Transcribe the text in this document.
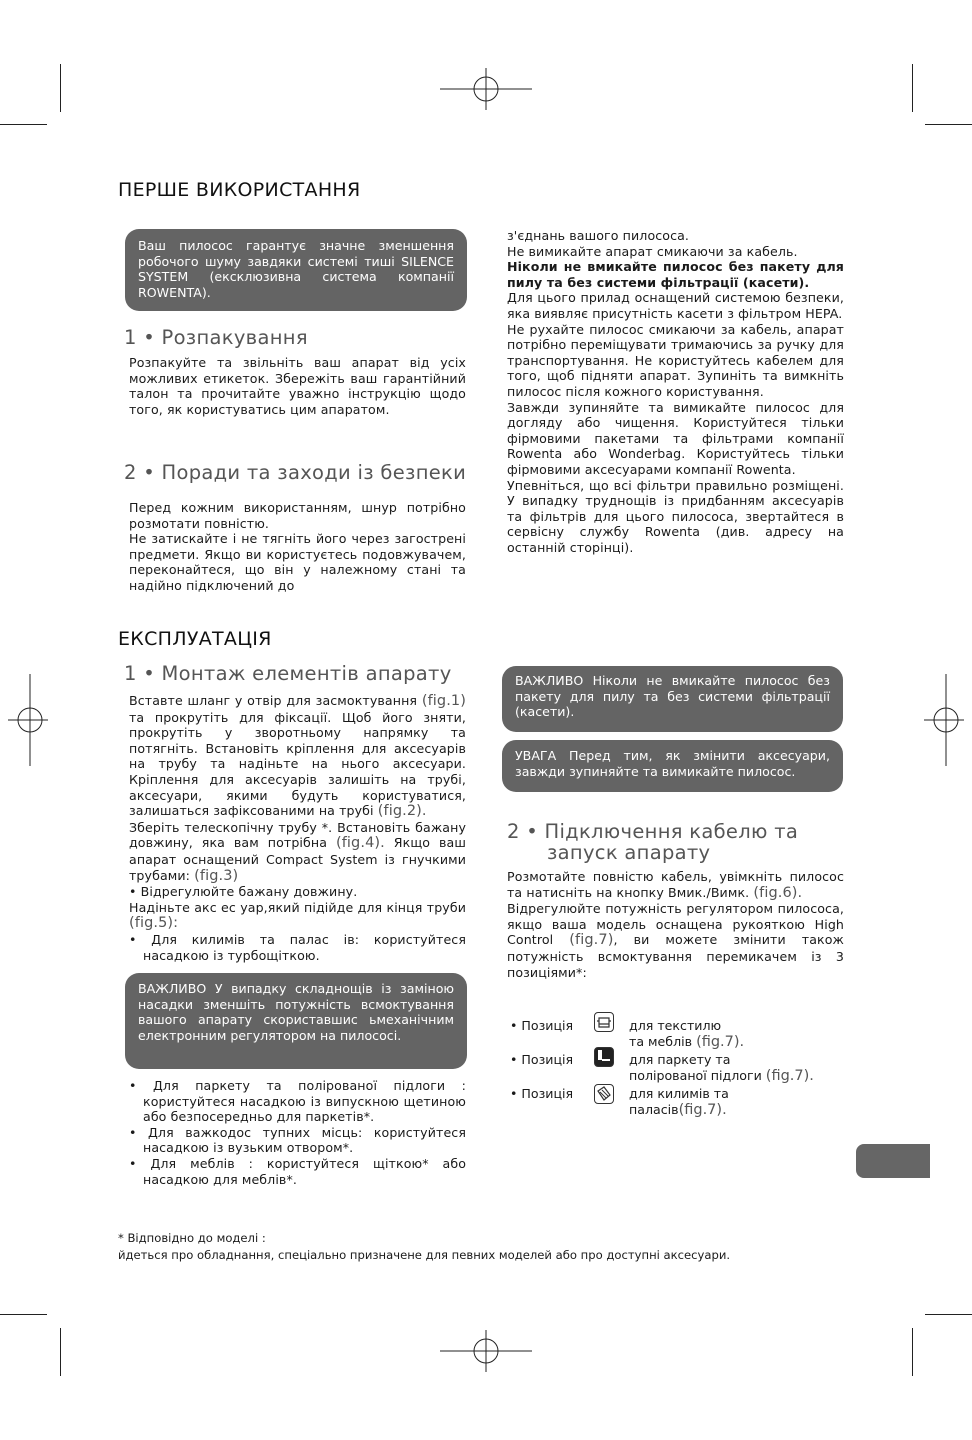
ПЕРШЕ ВИКОРИСТАННЯ
Ваш пилосос гарантує значне зменшення робочого шуму завдяки системі тиші SILENCE SYSTEM (ексклюзивна система компанії ROWENTA).
1 • Розпакування

Розпакуйте та звільніть ваш апарат від усіх можливих етикеток. Збережіть ваш гарантійний талон та прочитайте уважно інструкцію щодо того, як користуватись цим апаратом.

2 • Поради та заходи із безпеки

Перед кожним використанням, шнур потрібно розмотати повністю.

Не затискайте і не тягніть його через загострені предмети. Якщо ви користуєтесь подовжувачем, переконайтеся, що він у належному стані та надійно підключений до

з'єднань вашого пилососа.

Не вимикайте апарат смикаючи за кабель.

Ніколи не вмикайте пилосос без пакету для пилу та без системи фільтрації (касети).

Для цього прилад оснащений системою безпеки, яка виявляє присутність касети з фільтром HEPA.

Не рухайте пилосос смикаючи за кабель, апарат потрібно переміщувати тримаючись за ручку для транспортування. Не користуйтесь кабелем для того, щоб підняти апарат. Зупиніть та вимкніть пилосос після кожного користування.

Завжди зупиняйте та вимикайте пилосос для догляду або чищення. Користуйтеся тільки фірмовими пакетами та фільтрами компанії Rowenta або Wonderbag. Користуйтесь тільки фірмовими аксесуарами компанії Rowenta.

Упевніться, що всі фільтри правильно розміщені. У випадку труднощів із придбанням аксесуарів та фільтрів для цього пилососа, звертайтеся в сервісну службу Rowenta (див. адресу на останній сторінці).

ЕКСПЛУАТАЦІЯ
1 • Монтаж елементів апарату

Вставте шланг у отвір для засмоктування (fig.1) та прокрутіть для фіксації. Щоб його зняти, прокрутіть у зворотньому напрямку та потягніть. Встановіть кріплення для аксесуарів на трубу та надіньте на нього аксесуари. Кріплення для аксесуарів залишіть на трубі, аксесуари, якими будуть користуватися, залишаться зафіксованими на трубі (fig.2).

Зберіть телескопічну трубу *. Встановіть бажану довжину, яка вам потрібна (fig.4). Якщо ваш апарат оснащений Compact System із гнучкими трубами: (fig.3)

• Відрегулюйте бажану довжину.

Надіньте акс ес уар,який підійде для кінця труби (fig.5):

• Для килимів та палас ів: користуйтеся насадкою із турбощіткою.

ВАЖЛИВО У випадку складнощів із заміною насадки зменшіть потужність всмоктування вашого апарату скориставшис ьмеханічним електронним регулятором на пилососі.

• Для паркету та полірованої підлоги : користуйтеся насадкою із випускною щетиною або безпосередньо для паркетів*.

• Для важкодос тупних місць: користуйтеся насадкою із вузьким отвором*.

• Для меблів : користуйтеся щіткою* або насадкою для меблів*.

ВАЖЛИВО Ніколи не вмикайте пилосос без пакету для пилу та без системи фільтрації (касети).
УВАГА Перед тим, як змінити аксесуари, завжди зупиняйте та вимикайте пилосос.
2 • Підключення кабелю та
запуск апарату

Розмотайте повністю кабель, увімкніть пилосос та натисніть на кнопку Вмик./Вимк. (fig.6).

Відрегулюйте потужність регулятором пилососа, якщо ваша модель оснащена рукояткою High Control (fig.7), ви можете змінити також потужність всмоктування перемикачем із 3 позиціями*:

• Позиція	для текстилю
та меблів (fig.7).
• Позиція	для паркету та
полірованої підлоги (fig.7).
• Позиція	для килимів та
паласів(fig.7).
* Відповідно до моделі :
йдеться про обладнання, спеціально призначене для певних моделей або про доступні аксесуари.
